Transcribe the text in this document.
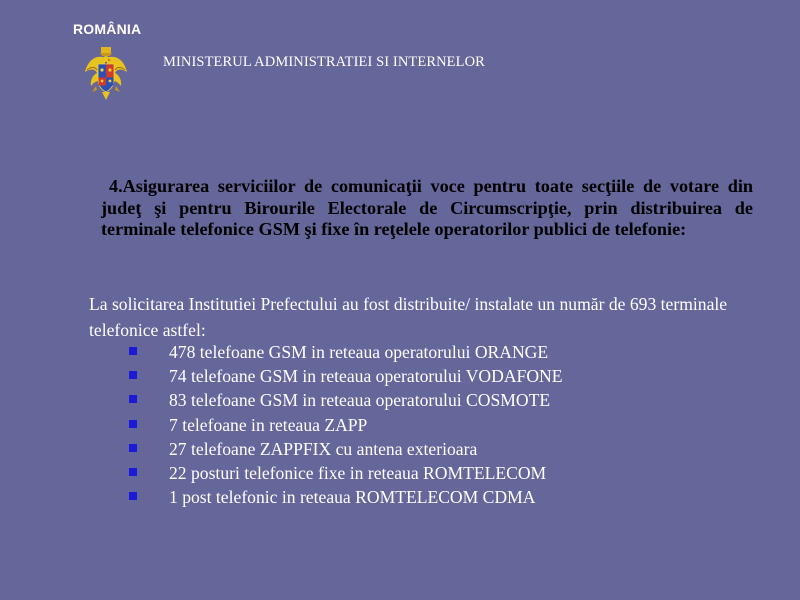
ROMÂNIA
MINISTERUL ADMINISTRATIEI SI INTERNELOR
4.Asigurarea serviciilor de comunicaţii voce pentru toate secţiile de votare din judeţ şi pentru Birourile Electorale de Circumscripţie, prin distribuirea de terminale telefonice GSM şi fixe în reţelele operatorilor publici de telefonie:
La solicitarea Institutiei Prefectului au fost distribuite/ instalate un număr de 693 terminale telefonice astfel:
478 telefoane GSM in reteaua operatorului ORANGE
74 telefoane GSM in reteaua operatorului VODAFONE
83 telefoane GSM in reteaua operatorului COSMOTE
7 telefoane in reteaua ZAPP
27 telefoane ZAPPFIX cu antena exterioara
22 posturi telefonice fixe in reteaua ROMTELECOM
1 post telefonic in reteaua ROMTELECOM CDMA
